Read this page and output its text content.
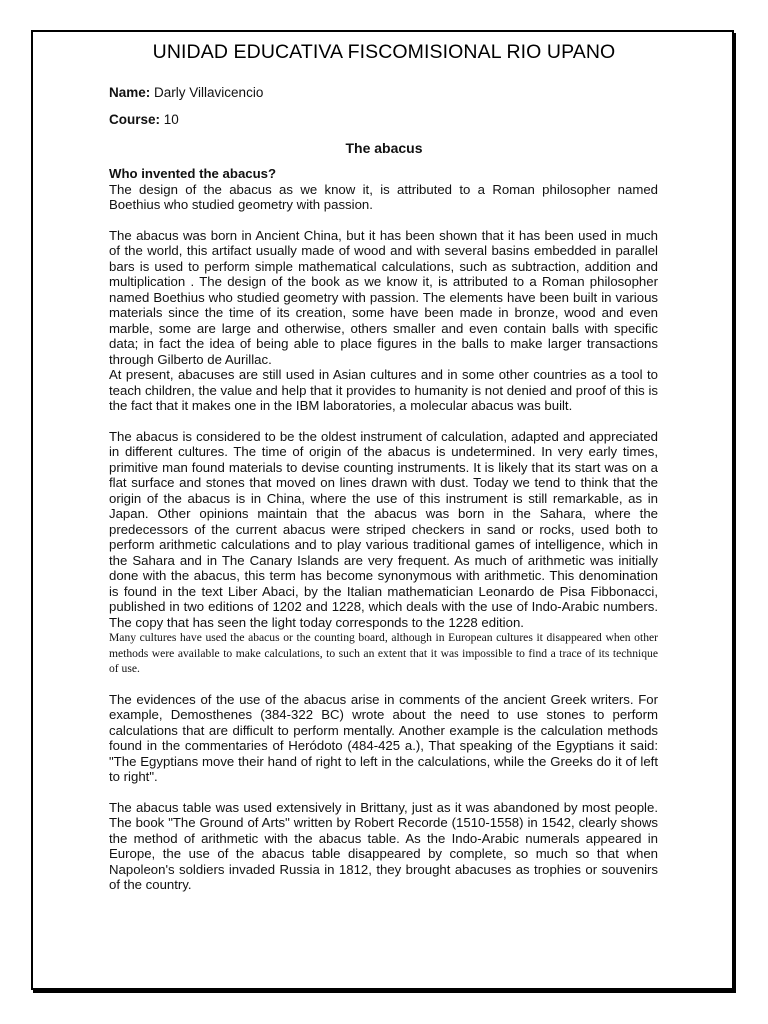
UNIDAD EDUCATIVA FISCOMISIONAL RIO UPANO
Name: Darly Villavicencio
Course: 10
The abacus

Who invented the abacus?

The design of the abacus as we know it, is attributed to a Roman philosopher named Boethius who studied geometry with passion.

The abacus was born in Ancient China, but it has been shown that it has been used in much of the world, this artifact usually made of wood and with several basins embedded in parallel bars is used to perform simple mathematical calculations, such as subtraction, addition and multiplication . The design of the book as we know it, is attributed to a Roman philosopher named Boethius who studied geometry with passion. The elements have been built in various materials since the time of its creation, some have been made in bronze, wood and even marble, some are large and otherwise, others smaller and even contain balls with specific data; in fact the idea of being able to place figures in the balls to make larger transactions through Gilberto de Aurillac.

At present, abacuses are still used in Asian cultures and in some other countries as a tool to teach children, the value and help that it provides to humanity is not denied and proof of this is the fact that it makes one in the IBM laboratories, a molecular abacus was built.

The abacus is considered to be the oldest instrument of calculation, adapted and appreciated in different cultures. The time of origin of the abacus is undetermined. In very early times, primitive man found materials to devise counting instruments. It is likely that its start was on a flat surface and stones that moved on lines drawn with dust. Today we tend to think that the origin of the abacus is in China, where the use of this instrument is still remarkable, as in Japan. Other opinions maintain that the abacus was born in the Sahara, where the predecessors of the current abacus were striped checkers in sand or rocks, used both to perform arithmetic calculations and to play various traditional games of intelligence, which in the Sahara and in The Canary Islands are very frequent. As much of arithmetic was initially done with the abacus, this term has become synonymous with arithmetic. This denomination is found in the text Liber Abaci, by the Italian mathematician Leonardo de Pisa Fibbonacci, published in two editions of 1202 and 1228, which deals with the use of Indo-Arabic numbers. The copy that has seen the light today corresponds to the 1228 edition.

Many cultures have used the abacus or the counting board, although in European cultures it disappeared when other methods were available to make calculations, to such an extent that it was impossible to find a trace of its technique of use.

The evidences of the use of the abacus arise in comments of the ancient Greek writers. For example, Demosthenes (384-322 BC) wrote about the need to use stones to perform calculations that are difficult to perform mentally. Another example is the calculation methods found in the commentaries of Heródoto (484-425 a.), That speaking of the Egyptians it said: "The Egyptians move their hand of right to left in the calculations, while the Greeks do it of left to right".

The abacus table was used extensively in Brittany, just as it was abandoned by most people. The book "The Ground of Arts" written by Robert Recorde (1510-1558) in 1542, clearly shows the method of arithmetic with the abacus table. As the Indo-Arabic numerals appeared in Europe, the use of the abacus table disappeared by complete, so much so that when Napoleon's soldiers invaded Russia in 1812, they brought abacuses as trophies or souvenirs of the country.
